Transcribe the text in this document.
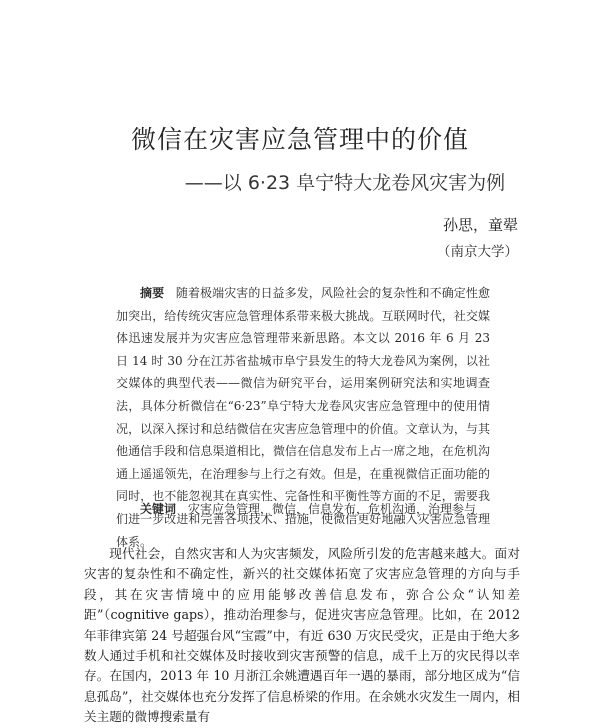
微信在灾害应急管理中的价值
——以 6·23 阜宁特大龙卷风灾害为例
孙思，童翚
（南京大学）
摘要 随着极端灾害的日益多发，风险社会的复杂性和不确定性愈加突出，给传统灾害应急管理体系带来极大挑战。互联网时代，社交媒体迅速发展并为灾害应急管理带来新思路。本文以 2016 年 6 月 23 日 14 时 30 分在江苏省盐城市阜宁县发生的特大龙卷风为案例，以社交媒体的典型代表——微信为研究平台，运用案例研究法和实地调查法，具体分析微信在“6·23”阜宁特大龙卷风灾害应急管理中的使用情况，以深入探讨和总结微信在灾害应急管理中的价值。文章认为，与其他通信手段和信息渠道相比，微信在信息发布上占一席之地，在危机沟通上遥遥领先，在治理参与上行之有效。但是，在重视微信正面功能的同时，也不能忽视其在真实性、完备性和平衡性等方面的不足，需要我们进一步改进和完善各项技术、措施，使微信更好地融入灾害应急管理体系。
关键词 灾害应急管理，微信，信息发布，危机沟通，治理参与
现代社会，自然灾害和人为灾害频发，风险所引发的危害越来越大。面对灾害的复杂性和不确定性，新兴的社交媒体拓宽了灾害应急管理的方向与手段，其在灾害情境中的应用能够改善信息发布，弥合公众“认知差距”（cognitive gaps），推动治理参与，促进灾害应急管理。比如，在 2012 年菲律宾第 24 号超强台风“宝霞”中，有近 630 万灾民受灾，正是由于绝大多数人通过手机和社交媒体及时接收到灾害预警的信息，成千上万的灾民得以幸存。在国内，2013 年 10 月浙江余姚遭遇百年一遇的暴雨，部分地区成为“信息孤岛”，社交媒体也充分发挥了信息桥梁的作用。在余姚水灾发生一周内，相关主题的微博搜索量有
